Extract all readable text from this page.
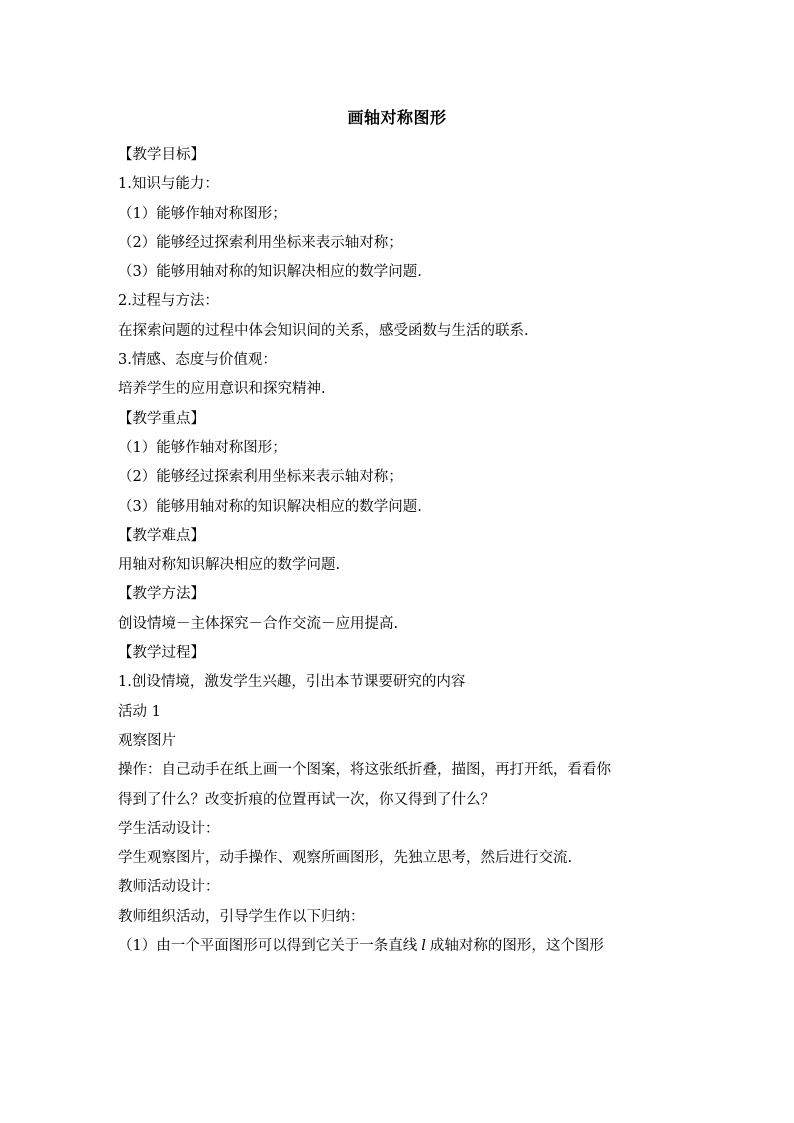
画轴对称图形
【教学目标】
1.知识与能力：
（1）能够作轴对称图形；
（2）能够经过探索利用坐标来表示轴对称；
（3）能够用轴对称的知识解决相应的数学问题.
2.过程与方法：
在探索问题的过程中体会知识间的关系，感受函数与生活的联系.
3.情感、态度与价值观：
培养学生的应用意识和探究精神.
【教学重点】
（1）能够作轴对称图形；
（2）能够经过探索利用坐标来表示轴对称；
（3）能够用轴对称的知识解决相应的数学问题.
【教学难点】
用轴对称知识解决相应的数学问题.
【教学方法】
创设情境－主体探究－合作交流－应用提高.
【教学过程】
1.创设情境，激发学生兴趣，引出本节课要研究的内容
活动 1
观察图片
操作：自己动手在纸上画一个图案，将这张纸折叠，描图，再打开纸，看看你
得到了什么？改变折痕的位置再试一次，你又得到了什么？
学生活动设计：
学生观察图片，动手操作、观察所画图形，先独立思考，然后进行交流.
教师活动设计：
教师组织活动，引导学生作以下归纳：
（1）由一个平面图形可以得到它关于一条直线 l 成轴对称的图形，这个图形
